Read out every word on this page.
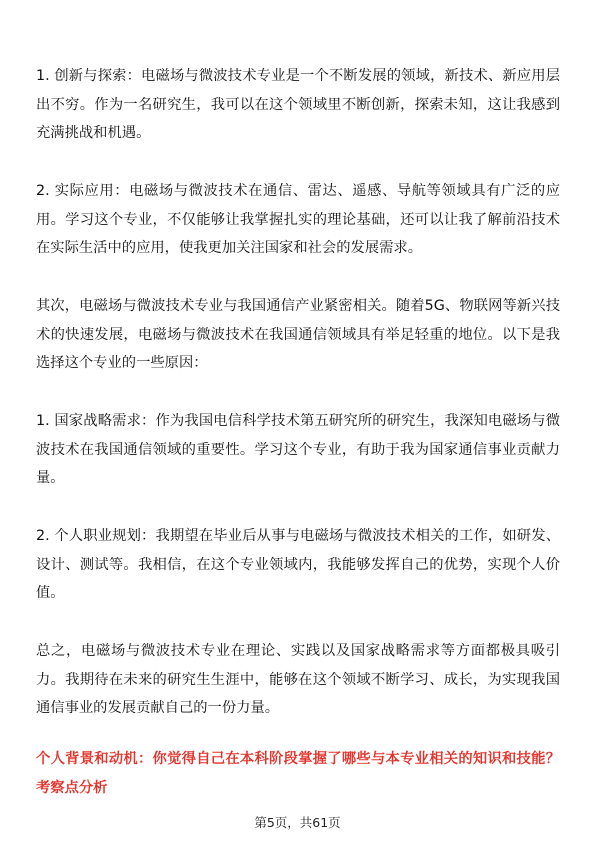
1. 创新与探索：电磁场与微波技术专业是一个不断发展的领域，新技术、新应用层出不穷。作为一名研究生，我可以在这个领域里不断创新，探索未知，这让我感到充满挑战和机遇。

2. 实际应用：电磁场与微波技术在通信、雷达、遥感、导航等领域具有广泛的应用。学习这个专业，不仅能够让我掌握扎实的理论基础，还可以让我了解前沿技术在实际生活中的应用，使我更加关注国家和社会的发展需求。

其次，电磁场与微波技术专业与我国通信产业紧密相关。随着5G、物联网等新兴技术的快速发展，电磁场与微波技术在我国通信领域具有举足轻重的地位。以下是我选择这个专业的一些原因：

1. 国家战略需求：作为我国电信科学技术第五研究所的研究生，我深知电磁场与微波技术在我国通信领域的重要性。学习这个专业，有助于我为国家通信事业贡献力量。

2. 个人职业规划：我期望在毕业后从事与电磁场与微波技术相关的工作，如研发、设计、测试等。我相信，在这个专业领域内，我能够发挥自己的优势，实现个人价值。

总之，电磁场与微波技术专业在理论、实践以及国家战略需求等方面都极具吸引力。我期待在未来的研究生生涯中，能够在这个领域不断学习、成长，为实现我国通信事业的发展贡献自己的一份力量。

个人背景和动机：你觉得自己在本科阶段掌握了哪些与本专业相关的知识和技能？考察点分析

第5页，共61页
